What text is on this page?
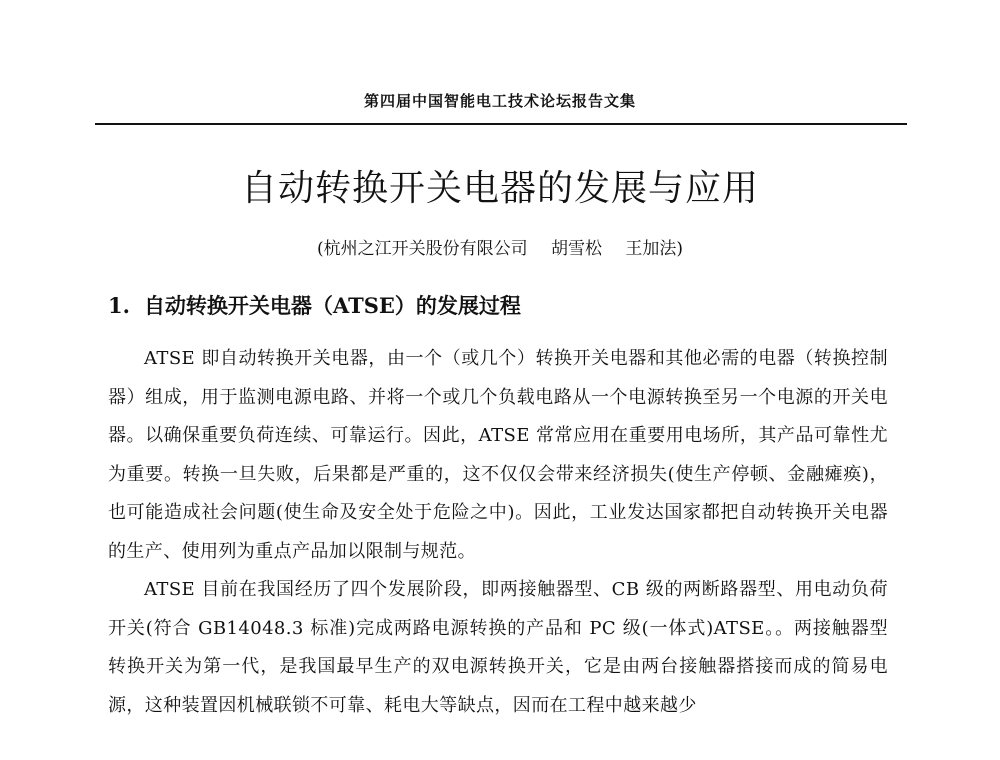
第四届中国智能电工技术论坛报告文集
自动转换开关电器的发展与应用
(杭州之江开关股份有限公司 胡雪松 王加法)
1. 自动转换开关电器（ATSE）的发展过程

ATSE 即自动转换开关电器，由一个（或几个）转换开关电器和其他必需的电器（转换控制器）组成，用于监测电源电路、并将一个或几个负载电路从一个电源转换至另一个电源的开关电器。以确保重要负荷连续、可靠运行。因此，ATSE 常常应用在重要用电场所，其产品可靠性尤为重要。转换一旦失败，后果都是严重的，这不仅仅会带来经济损失(使生产停顿、金融瘫痪)，也可能造成社会问题(使生命及安全处于危险之中)。因此，工业发达国家都把自动转换开关电器的生产、使用列为重点产品加以限制与规范。

ATSE 目前在我国经历了四个发展阶段，即两接触器型、CB 级的两断路器型、用电动负荷开关(符合 GB14048.3 标准)完成两路电源转换的产品和 PC 级(一体式)ATSE。。两接触器型转换开关为第一代，是我国最早生产的双电源转换开关，它是由两台接触器搭接而成的简易电源，这种装置因机械联锁不可靠、耗电大等缺点，因而在工程中越来越少
